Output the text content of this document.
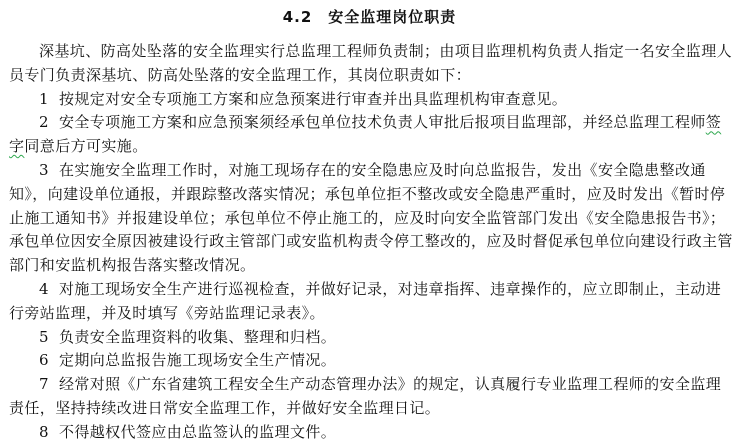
4.2 安全监理岗位职责

深基坑、防高处坠落的安全监理实行总监理工程师负责制；由项目监理机构负责人指定一名安全监理人员专门负责深基坑、防高处坠落的安全监理工作，其岗位职责如下：

1 按规定对安全专项施工方案和应急预案进行审查并出具监理机构审查意见。

2 安全专项施工方案和应急预案须经承包单位技术负责人审批后报项目监理部，并经总监理工程师签字同意后方可实施。

3 在实施安全监理工作时，对施工现场存在的安全隐患应及时向总监报告，发出《安全隐患整改通知》，向建设单位通报，并跟踪整改落实情况；承包单位拒不整改或安全隐患严重时，应及时发出《暂时停止施工通知书》并报建设单位；承包单位不停止施工的，应及时向安全监管部门发出《安全隐患报告书》；承包单位因安全原因被建设行政主管部门或安监机构责令停工整改的，应及时督促承包单位向建设行政主管部门和安监机构报告落实整改情况。

4 对施工现场安全生产进行巡视检查，并做好记录，对违章指挥、违章操作的，应立即制止，主动进行旁站监理，并及时填写《旁站监理记录表》。

5 负责安全监理资料的收集、整理和归档。

6 定期向总监报告施工现场安全生产情况。

7 经常对照《广东省建筑工程安全生产动态管理办法》的规定，认真履行专业监理工程师的安全监理责任，坚持持续改进日常安全监理工作，并做好安全监理日记。

8 不得越权代签应由总监签认的监理文件。
